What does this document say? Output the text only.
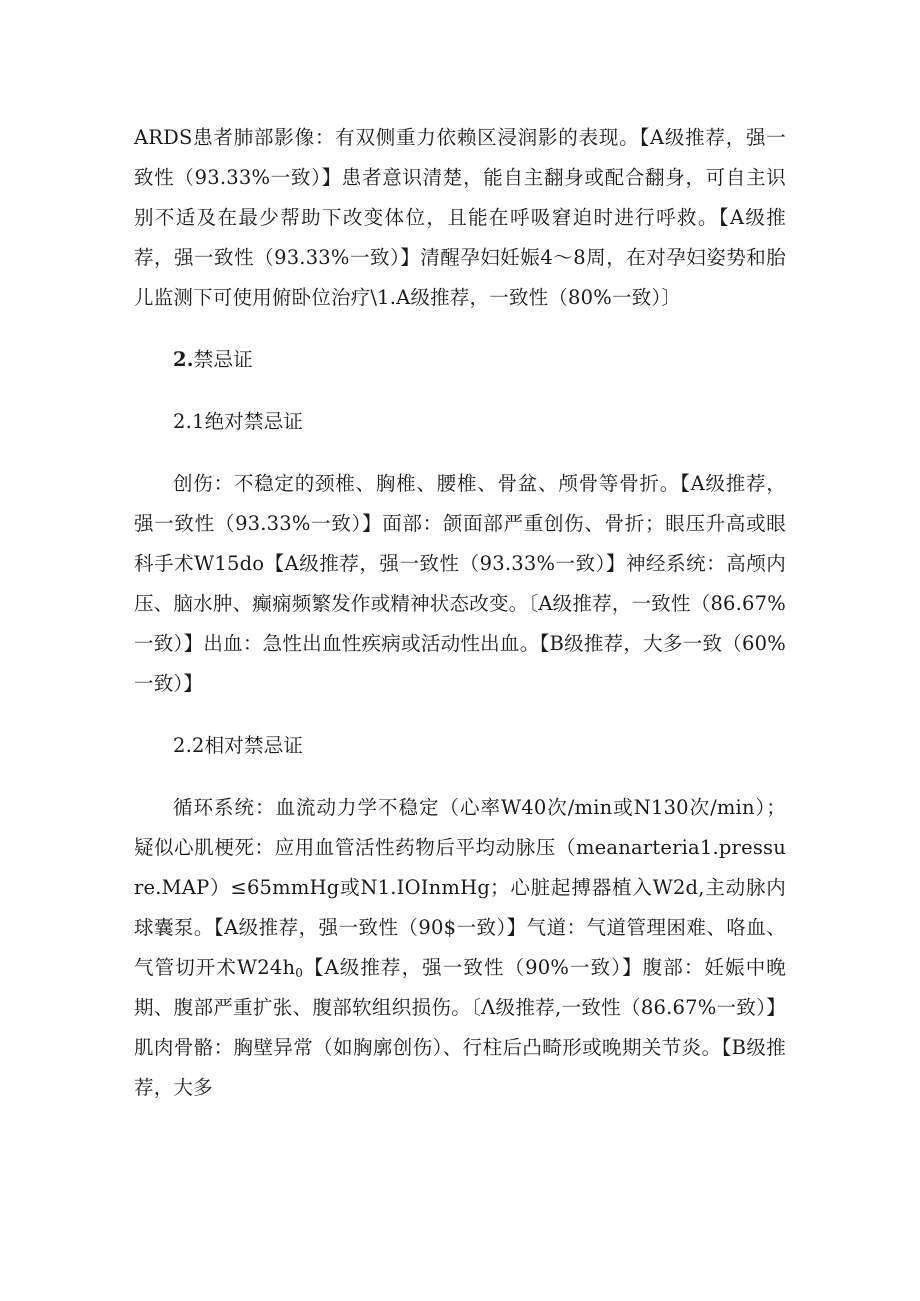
ARDS患者肺部影像：有双侧重力依赖区浸润影的表现。【A级推荐，强一致性（93.33%一致）】患者意识清楚，能自主翻身或配合翻身，可自主识别不适及在最少帮助下改变体位，且能在呼吸窘迫时进行呼救。【A级推荐，强一致性（93.33%一致）】清醒孕妇妊娠4～8周，在对孕妇姿势和胎儿监测下可使用俯卧位治疗\1.A级推荐，一致性（80%一致）〕

2.禁忌证

2.1绝对禁忌证

创伤：不稳定的颈椎、胸椎、腰椎、骨盆、颅骨等骨折。【A级推荐，强一致性（93.33%一致）】面部：颌面部严重创伤、骨折；眼压升高或眼科手术W15do【A级推荐，强一致性（93.33%一致）】神经系统：高颅内压、脑水肿、癫痫频繁发作或精神状态改变。〔A级推荐，一致性（86.67%一致）】出血：急性出血性疾病或活动性出血。【B级推荐，大多一致（60%一致）】

2.2相对禁忌证

循环系统：血流动力学不稳定（心率W40次/min或N130次/min）；疑似心肌梗死：应用血管活性药物后平均动脉压（meanarteria1.pressure.MAP）≤65mmHg或N1.IOInmHg；心脏起搏器植入W2d,主动脉内球囊泵。【A级推荐，强一致性（90$一致）】气道：气道管理困难、咯血、气管切开术$W24h_0$【A级推荐，强一致性（90%一致）】腹部：妊娠中晚期、腹部严重扩张、腹部软组织损伤。〔Λ级推荐,一致性（86.67%一致）】肌肉骨骼：胸壁异常（如胸廓创伤）、行柱后凸畸形或晚期关节炎。【B级推荐，大多
